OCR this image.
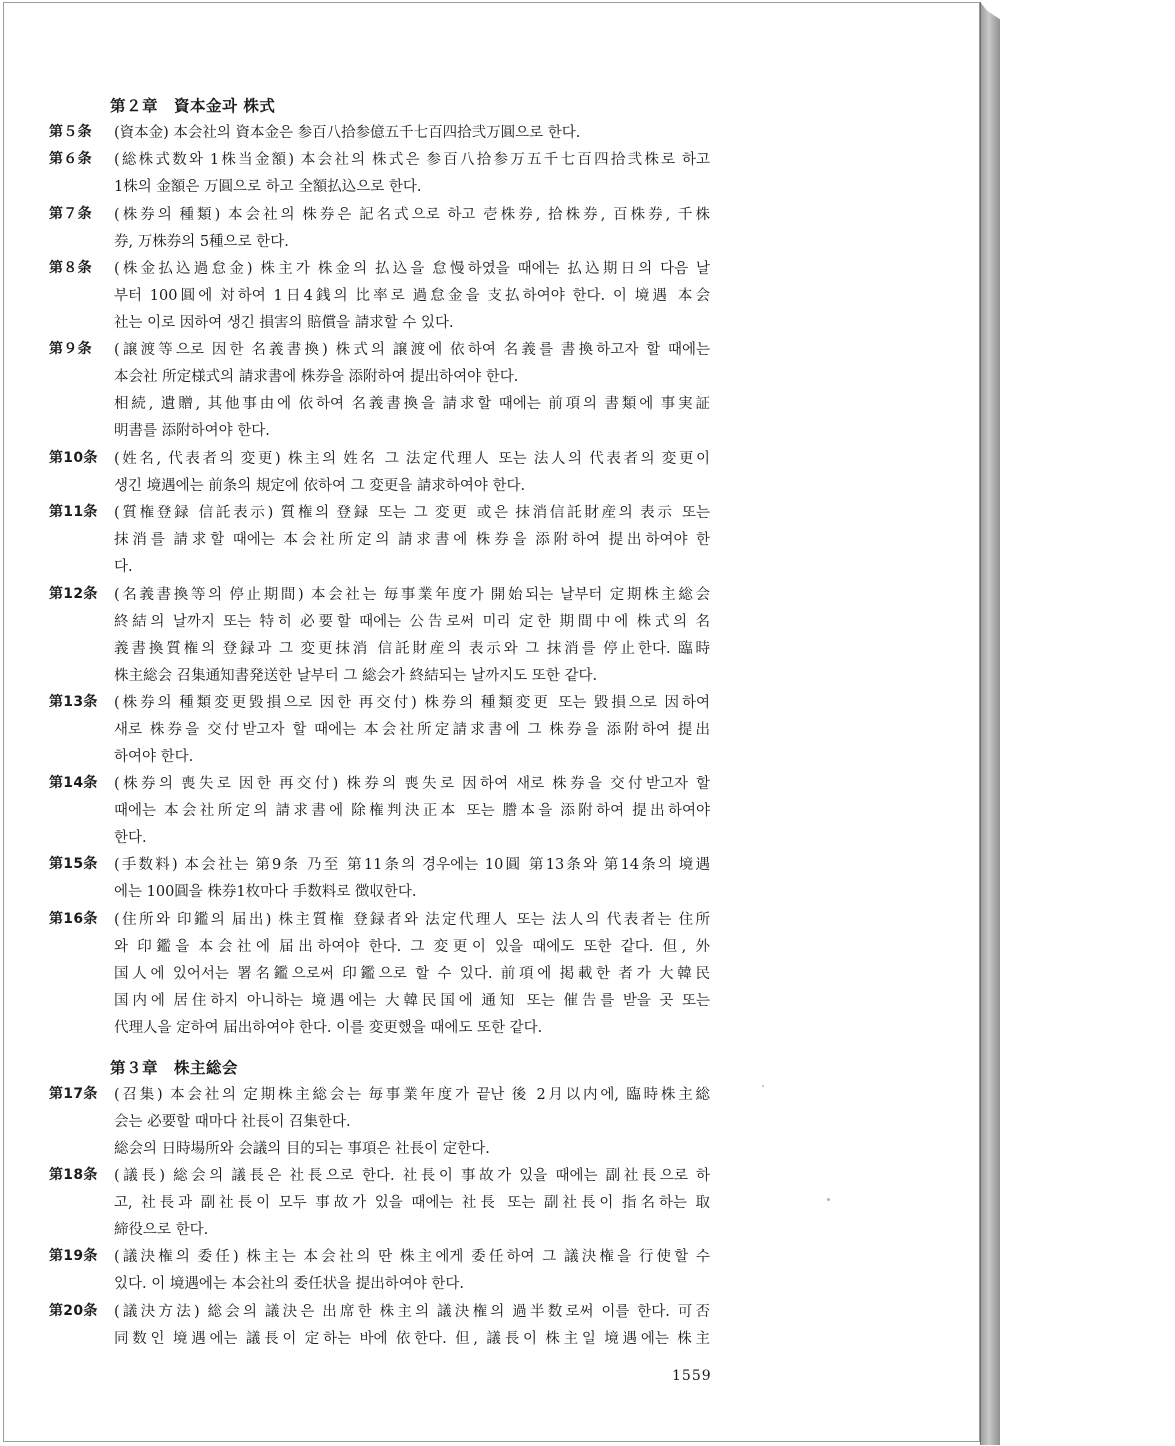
第２章　資本金과 株式
第５条 (資本金) 本会社의 資本金은 参百八拾参億五千七百四拾弐万圓으로 한다.
第６条 (総株式数와 1株当金額) 本会社의 株式은 参百八拾参万五千七百四拾弐株로 하고
1株의 金額은 万圓으로 하고 全額払込으로 한다.
第７条 (株券의 種類) 本会社의 株券은 記名式으로 하고 壱株券, 拾株券, 百株券, 千株
券, 万株券의 5種으로 한다.
第８条 (株金払込過怠金) 株主가 株金의 払込을 怠慢하였을 때에는 払込期日의 다음 날
부터 100圓에 対하여 1日4銭의 比率로 過怠金을 支払하여야 한다. 이 境遇 本会
社는 이로 因하여 생긴 損害의 賠償을 請求할 수 있다.
第９条 (譲渡等으로 因한 名義書換) 株式의 譲渡에 依하여 名義를 書換하고자 할 때에는
本会社 所定様式의 請求書에 株券을 添附하여 提出하여야 한다.
相続, 遺贈, 其他事由에 依하여 名義書換을 請求할 때에는 前項의 書類에 事実証
明書를 添附하여야 한다.
第10条 (姓名, 代表者의 変更) 株主의 姓名 그 法定代理人 또는 法人의 代表者의 変更이
생긴 境遇에는 前条의 規定에 依하여 그 変更을 請求하여야 한다.
第11条 (質権登録 信託表示) 質権의 登録 또는 그 変更 或은 抹消信託財産의 表示 또는
抹消를 請求할 때에는 本会社所定의 請求書에 株券을 添附하여 提出하여야 한
다.
第12条 (名義書換等의 停止期間) 本会社는 毎事業年度가 開始되는 날부터 定期株主総会
終結의 날까지 또는 特히 必要할 때에는 公告로써 미리 定한 期間中에 株式의 名
義書換質権의 登録과 그 変更抹消 信託財産의 表示와 그 抹消를 停止한다. 臨時
株主総会 召集通知書発送한 날부터 그 総会가 終結되는 날까지도 또한 같다.
第13条 (株券의 種類変更毀損으로 因한 再交付) 株券의 種類変更 또는 毀損으로 因하여
새로 株券을 交付받고자 할 때에는 本会社所定請求書에 그 株券을 添附하여 提出
하여야 한다.
第14条 (株券의 喪失로 因한 再交付) 株券의 喪失로 因하여 새로 株券을 交付받고자 할
때에는 本会社所定의 請求書에 除権判決正本 또는 謄本을 添附하여 提出하여야
한다.
第15条 (手数料) 本会社는 第9条 乃至 第11条의 경우에는 10圓 第13条와 第14条의 境遇
에는 100圓을 株券1枚마다 手数料로 徴収한다.
第16条 (住所와 印鑑의 届出) 株主質権 登録者와 法定代理人 또는 法人의 代表者는 住所
와 印鑑을 本会社에 届出하여야 한다. 그 変更이 있을 때에도 또한 같다. 但, 外
国人에 있어서는 署名鑑으로써 印鑑으로 할 수 있다. 前項에 掲載한 者가 大韓民
国内에 居住하지 아니하는 境遇에는 大韓民国에 通知 또는 催告를 받을 곳 또는
代理人을 定하여 届出하여야 한다. 이를 変更했을 때에도 또한 같다.
第３章　株主総会
第17条 (召集) 本会社의 定期株主総会는 毎事業年度가 끝난 後 2月以内에, 臨時株主総
会는 必要할 때마다 社長이 召集한다.
総会의 日時場所와 会議의 目的되는 事項은 社長이 定한다.
第18条 (議長) 総会의 議長은 社長으로 한다. 社長이 事故가 있을 때에는 副社長으로 하
고, 社長과 副社長이 모두 事故가 있을 때에는 社長 또는 副社長이 指名하는 取
締役으로 한다.
第19条 (議決権의 委任) 株主는 本会社의 딴 株主에게 委任하여 그 議決権을 行使할 수
있다. 이 境遇에는 本会社의 委任状을 提出하여야 한다.
第20条 (議決方法) 総会의 議決은 出席한 株主의 議決権의 過半数로써 이를 한다. 可否
同数인 境遇에는 議長이 定하는 바에 依한다. 但, 議長이 株主일 境遇에는 株主
1559
